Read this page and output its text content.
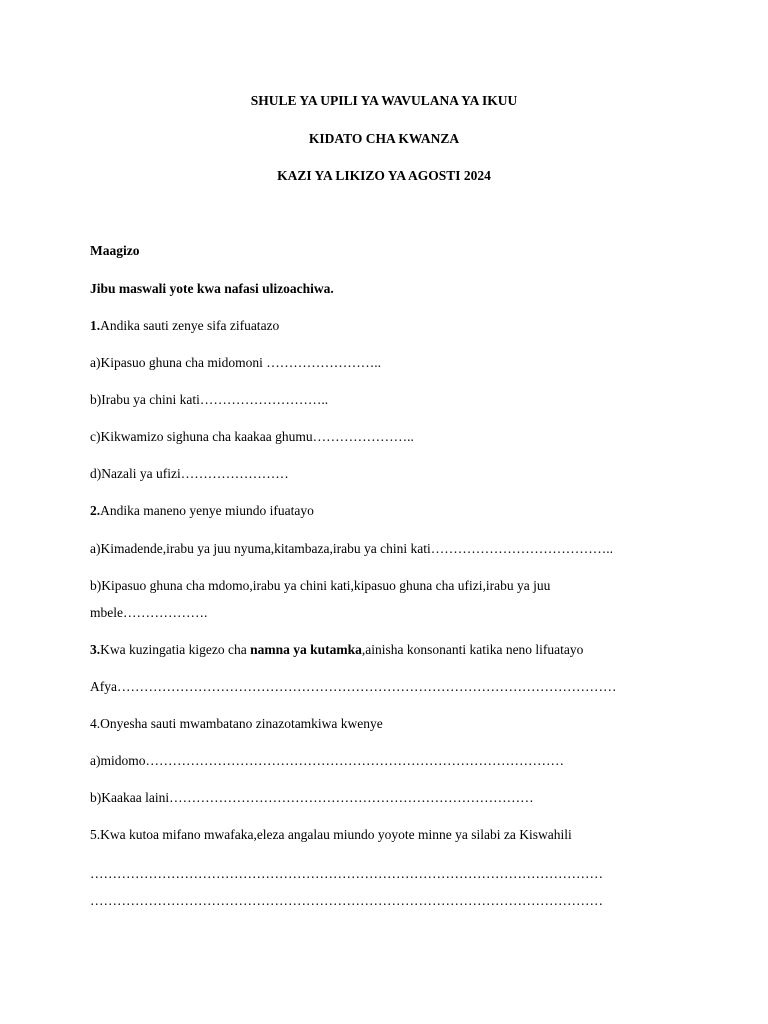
SHULE YA UPILI YA WAVULANA YA IKUU
KIDATO CHA KWANZA
KAZI YA LIKIZO YA AGOSTI 2024
Maagizo
Jibu maswali yote kwa nafasi ulizoachiwa.
1.Andika sauti zenye sifa zifuatazo
a)Kipasuo ghuna cha midomoni ……………………..
b)Irabu ya chini kati………………………..
c)Kikwamizo sighuna cha kaakaa ghumu…………………..
d)Nazali ya ufizi……………………
2.Andika maneno yenye miundo ifuatayo
a)Kimadende,irabu ya juu nyuma,kitambaza,irabu ya chini kati…………………………………..
b)Kipasuo ghuna cha mdomo,irabu ya chini kati,kipasuo ghuna cha ufizi,irabu ya juu
mbele……………….
3.Kwa kuzingatia kigezo cha namna ya kutamka,ainisha konsonanti katika neno lifuatayo
Afya…………………………………………………………………………………………………
4.Onyesha sauti mwambatano zinazotamkiwa kwenye
a)midomo…………………………………………………………………………………
b)Kaakaa laini………………………………………………………………………
5.Kwa kutoa mifano mwafaka,eleza angalau miundo yoyote minne ya silabi za Kiswahili
……………………………………………………………………………………………………
……………………………………………………………………………………………………
